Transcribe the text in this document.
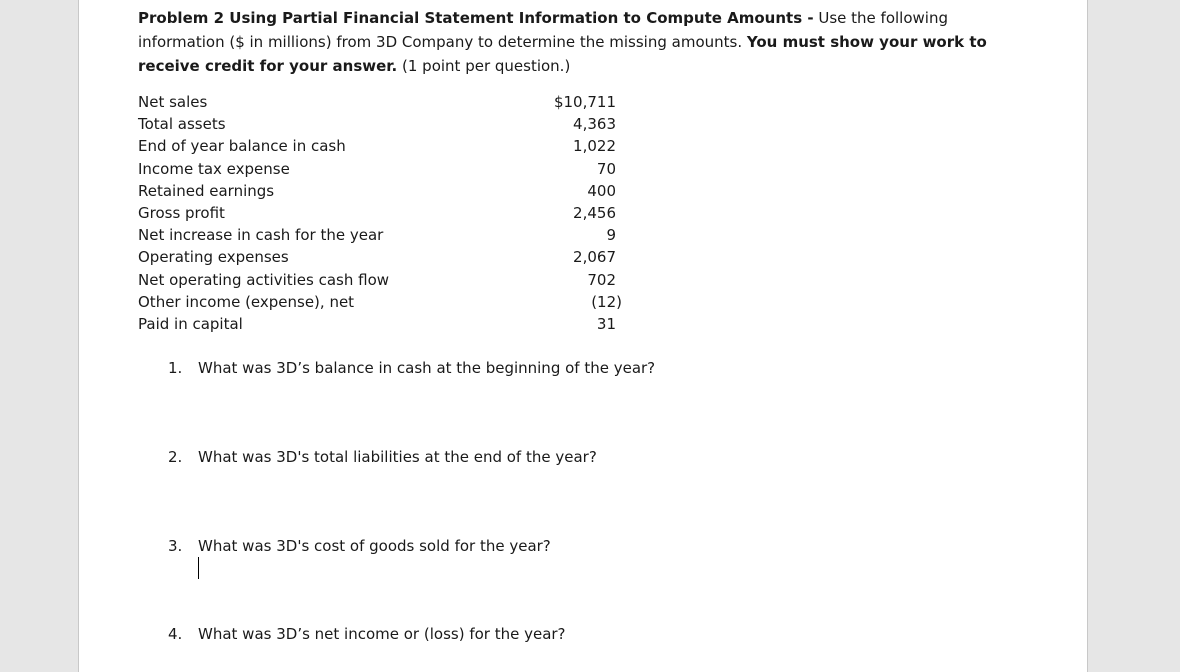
Problem 2 Using Partial Financial Statement Information to Compute Amounts - Use the following information ($ in millions) from 3D Company to determine the missing amounts. You must show your work to receive credit for your answer. (1 point per question.)
Net sales	$10,711
Total assets	4,363
End of year balance in cash	1,022
Income tax expense	70
Retained earnings	400
Gross profit	2,456
Net increase in cash for the year	9
Operating expenses	2,067
Net operating activities cash flow	702
Other income (expense), net	(12)
Paid in capital	31
1. What was 3D’s balance in cash at the beginning of the year?
2. What was 3D's total liabilities at the end of the year?
3. What was 3D's cost of goods sold for the year?
4. What was 3D’s net income or (loss) for the year?
